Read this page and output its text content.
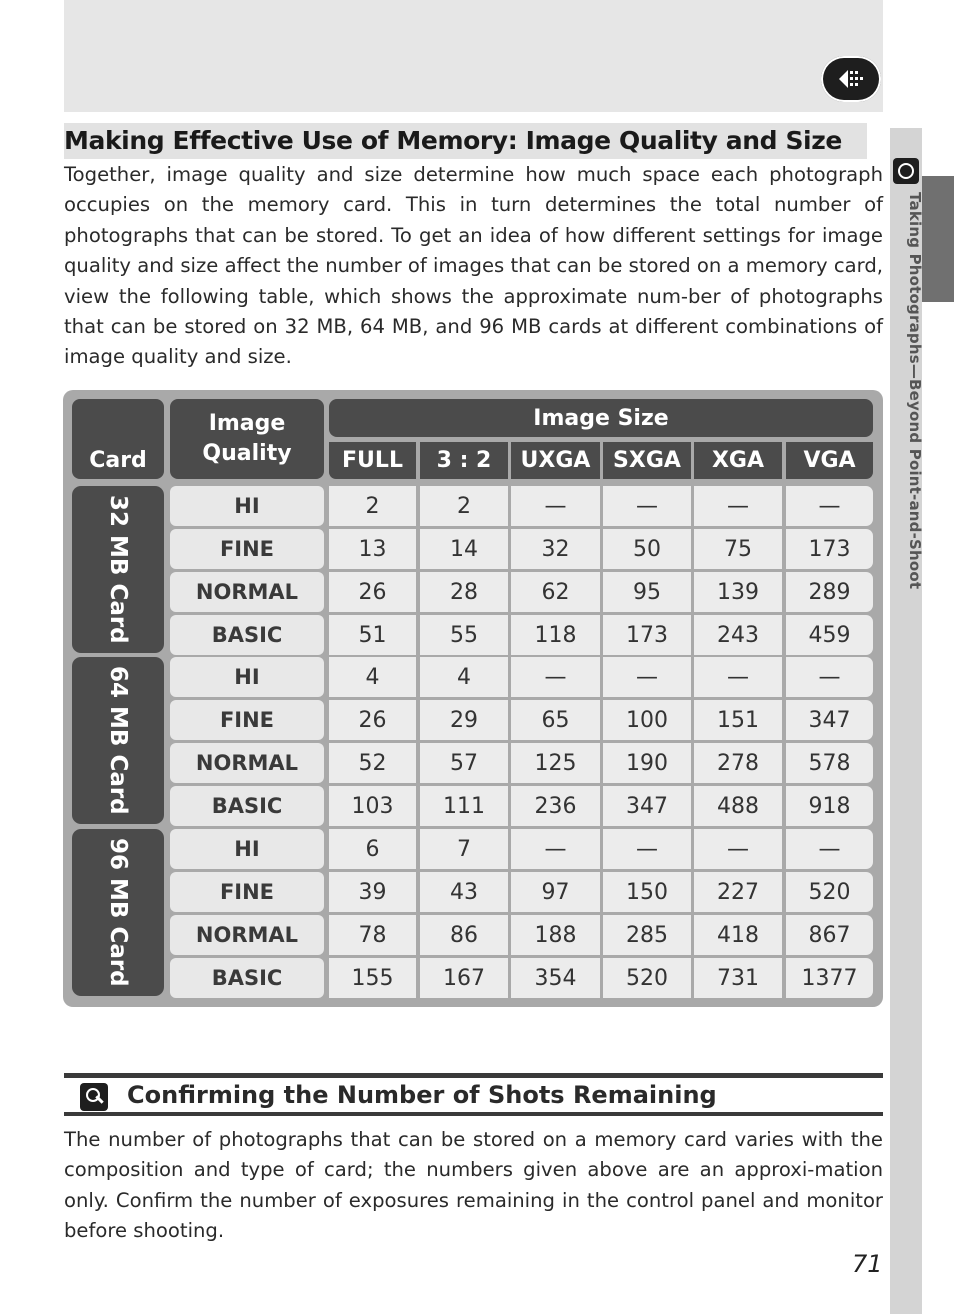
Taking Photographs—Beyond Point-and-Shoot
Making Effective Use of Memory: Image Quality and Size

Together, image quality and size determine how much space each photograph occupies on the memory card. This in turn determines the total number of photographs that can be stored. To get an idea of how different settings for image quality and size affect the number of images that can be stored on a memory card, view the following table, which shows the approximate num-ber of photographs that can be stored on 32 MB, 64 MB, and 96 MB cards at different combinations of image quality and size.

Card
Image Quality
Image Size
FULL	3 : 2	UXGA	SXGA	XGA	VGA
32 MB Card	HI	2	2	—	—	—	—
FINE	13	14	32	50	75	173
NORMAL	26	28	62	95	139	289
BASIC	51	55	118	173	243	459
64 MB Card	HI	4	4	—	—	—	—
FINE	26	29	65	100	151	347
NORMAL	52	57	125	190	278	578
BASIC	103	111	236	347	488	918
96 MB Card	HI	6	7	—	—	—	—
FINE	39	43	97	150	227	520
NORMAL	78	86	188	285	418	867
BASIC	155	167	354	520	731	1377
Confirming the Number of Shots Remaining

The number of photographs that can be stored on a memory card varies with the composition and type of card; the numbers given above are an approxi-mation only. Confirm the number of exposures remaining in the control panel and monitor before shooting.

71
